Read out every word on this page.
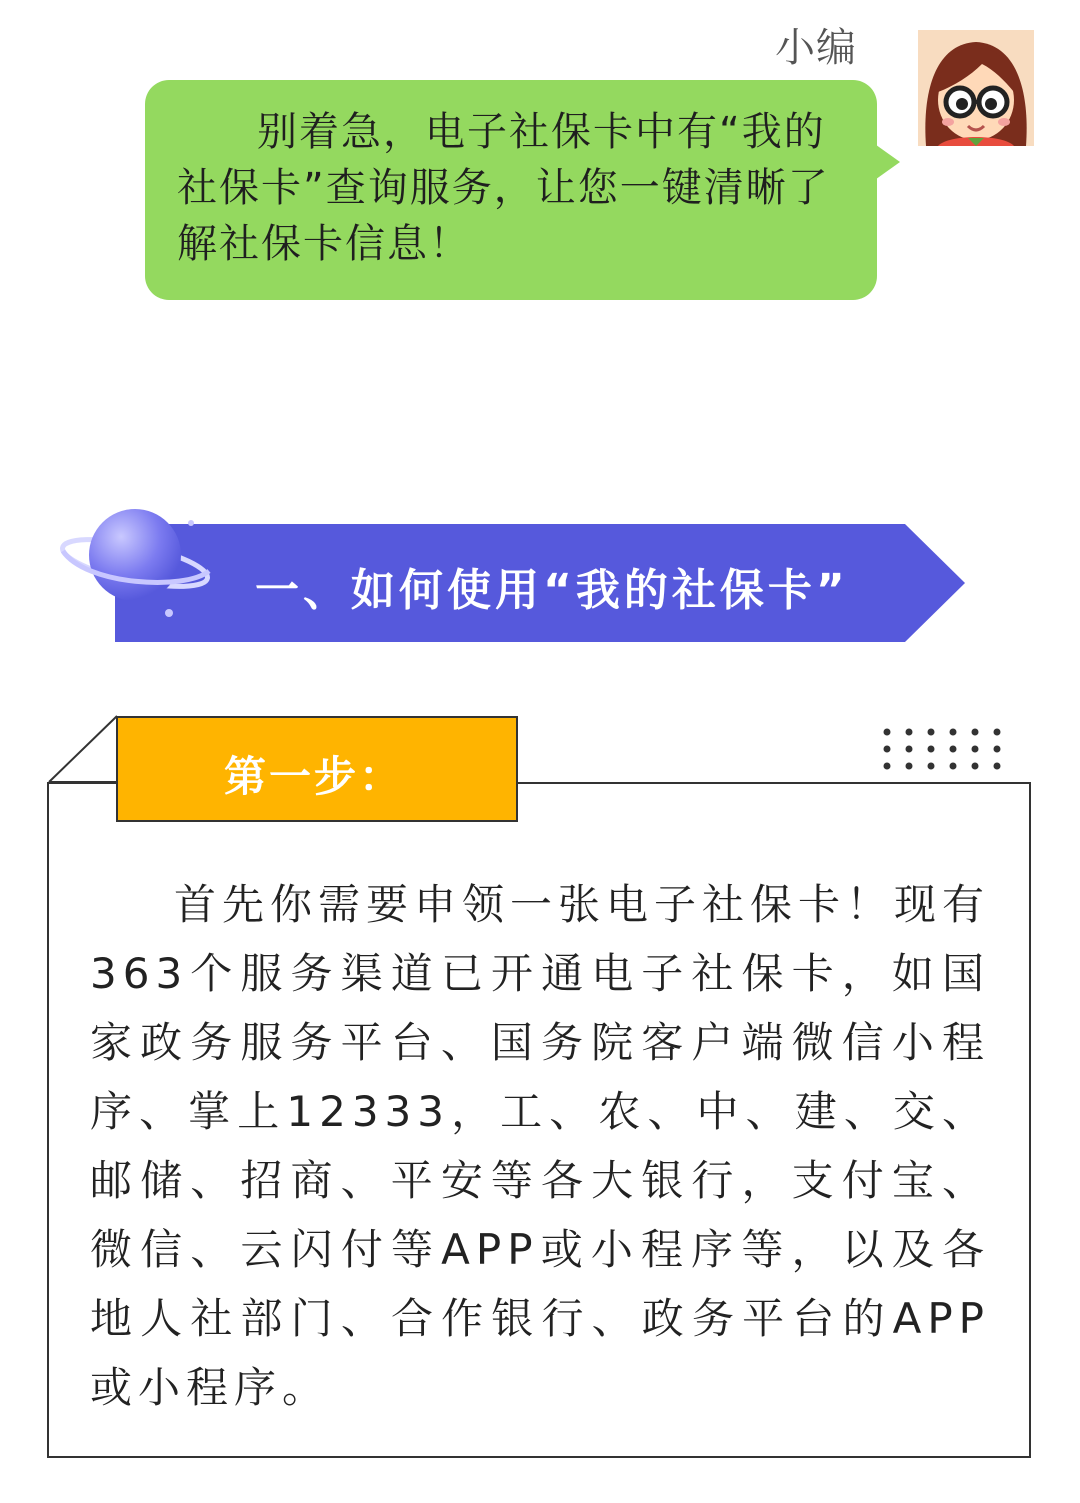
小编
别着急，电子社保卡中有“我的社保卡”查询服务，让您一键清晰了解社保卡信息！
一、如何使用“我的社保卡”
第一步：
首先你需要申领一张电子社保卡！现有363个服务渠道已开通电子社保卡，如国家政务服务平台、国务院客户端微信小程序、掌上12333，工、农、中、建、交、邮储、招商、平安等各大银行，支付宝、微信、云闪付等APP或小程序等，以及各地人社部门、合作银行、政务平台的APP或小程序。
